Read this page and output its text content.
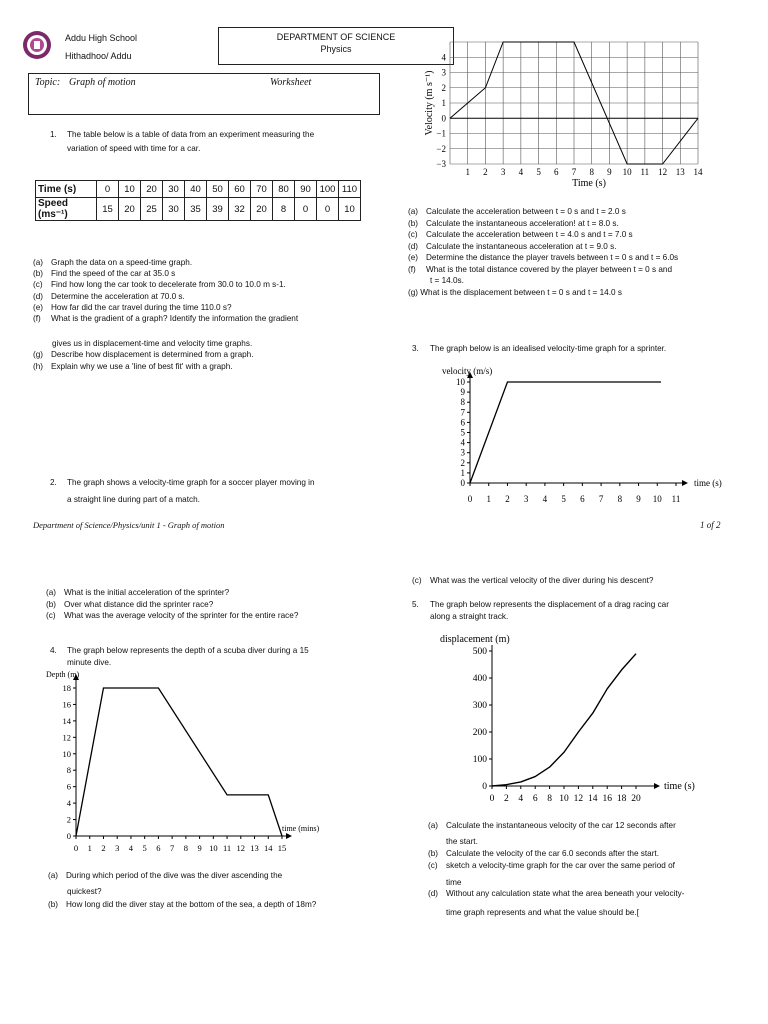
Addu High School
Hithadhoo/ Addu
DEPARTMENT OF SCIENCE
Physics
Topic: Graph of motion	Worksheet
1. The table below is a table of data from an experiment measuring the
variation of speed with time for a car.
Time (s)	0	10	20	30	40	50	60	70	80	90	100	110
Speed (ms⁻¹)	15	20	25	30	35	39	32	20	8	0	0	10
(a) Graph the data on a speed-time graph.
(b) Find the speed of the car at 35.0 s
(c) Find how long the car took to decelerate from 30.0 to 10.0 m s-1.
(d) Determine the acceleration at 70.0 s.
(e) How far did the car travel during the time 110.0 s?
(f) What is the gradient of a graph? Identify the information the gradient
gives us in displacement-time and velocity time graphs.
(g) Describe how displacement is determined from a graph.
(h) Explain why we use a 'line of best fit' with a graph.
2. The graph shows a velocity-time graph for a soccer player moving in
a straight line during part of a match.
4
3
2
1
0
−1
−2
−3
1 2 3 4 5 6 7 8 9 10 11 12 13 14
Time (s)
Velocity (m s⁻¹)
(a) Calculate the acceleration between t = 0 s and t = 2.0 s
(b) Calculate the instantaneous acceleration! at t = 8.0 s.
(c) Calculate the acceleration between t = 4.0 s and t = 7.0 s
(d) Calculate the instantaneous acceleration at t = 9.0 s.
(e) Determine the distance the player travels between t = 0 s and t = 6.0s
(f) What is the total distance covered by the player between t = 0 s and
t = 14.0s.
(g) What is the displacement between t = 0 s and t = 14.0 s
3. The graph below is an idealised velocity-time graph for a sprinter.
10
9
8
7
6
5
4
3
2
1
0
0 1 2 3 4 5 6 7 8 9 10 11
velocity (m/s)
time (s)
Department of Science/Physics/unit 1 - Graph of motion	1 of 2
(a) What is the initial acceleration of the sprinter?
(b) Over what distance did the sprinter race?
(c) What was the average velocity of the sprinter for the entire race?
4. The graph below represents the depth of a scuba diver during a 15
minute dive.
18
16
14
12
10
8
6
4
2
0
0 1 2 3 4 5 6 7 8 9 10 11 12 13 14 15
Depth (m)
time (mins)
(a) During which period of the dive was the diver ascending the
quickest?
(b) How long did the diver stay at the bottom of the sea, a depth of 18m?
(c) What was the vertical velocity of the diver during his descent?
5. The graph below represents the displacement of a drag racing car
along a straight track.
500
400
300
200
100
0
0 2 4 6 8 10 12 14 16 18 20
displacement (m)
time (s)
(a) Calculate the instantaneous velocity of the car 12 seconds after
the start.
(b) Calculate the velocity of the car 6.0 seconds after the start.
(c) sketch a velocity-time graph for the car over the same period of
time
(d) Without any calculation state what the area beneath your velocity-
time graph represents and what the value should be.[
